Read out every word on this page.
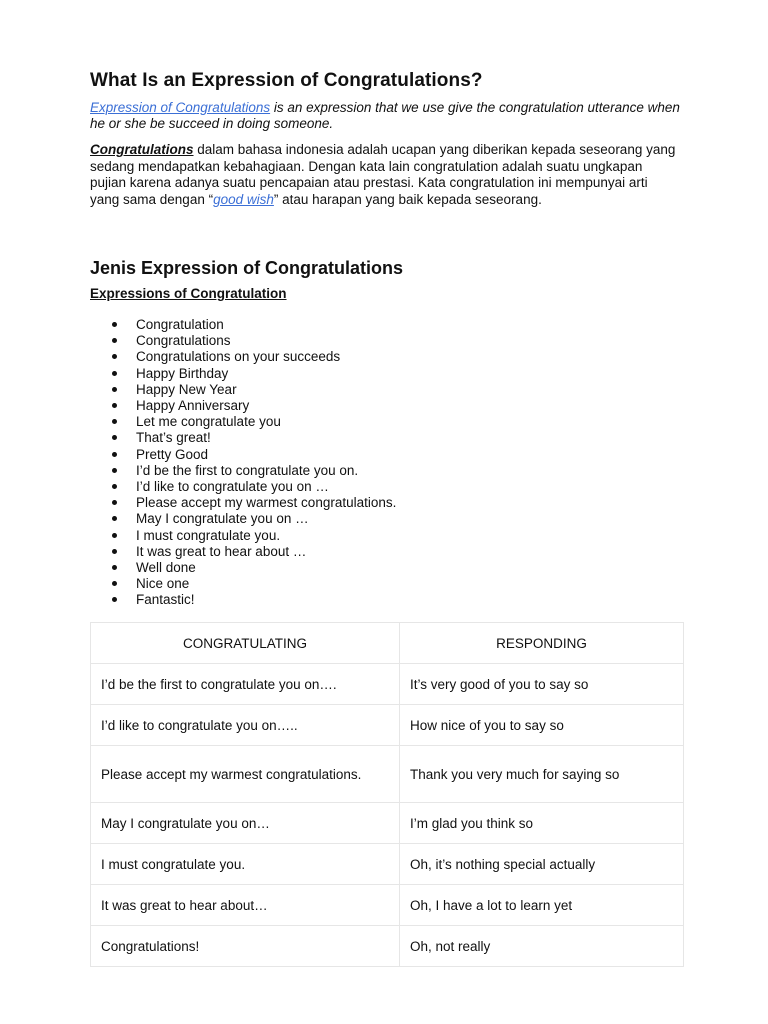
What Is an Expression of Congratulations?

Expression of Congratulations is an expression that we use give the congratulation utterance when he or she be succeed in doing someone.

Congratulations dalam bahasa indonesia adalah ucapan yang diberikan kepada seseorang yang sedang mendapatkan kebahagiaan. Dengan kata lain congratulation adalah suatu ungkapan pujian karena adanya suatu pencapaian atau prestasi. Kata congratulation ini mempunyai arti yang sama dengan “good wish” atau harapan yang baik kepada seseorang.

Jenis Expression of Congratulations

Expressions of Congratulation

Congratulation
Congratulations
Congratulations on your succeeds
Happy Birthday
Happy New Year
Happy Anniversary
Let me congratulate you
That’s great!
Pretty Good
I’d be the first to congratulate you on.
I’d like to congratulate you on …
Please accept my warmest congratulations.
May I congratulate you on …
I must congratulate you.
It was great to hear about …
Well done
Nice one
Fantastic!
CONGRATULATING	RESPONDING
I’d be the first to congratulate you on….	It’s very good of you to say so
I’d like to congratulate you on…..	How nice of you to say so
Please accept my warmest congratulations.	Thank you very much for saying so
May I congratulate you on…	I’m glad you think so
I must congratulate you.	Oh, it’s nothing special actually
It was great to hear about…	Oh, I have a lot to learn yet
Congratulations!	Oh, not really
